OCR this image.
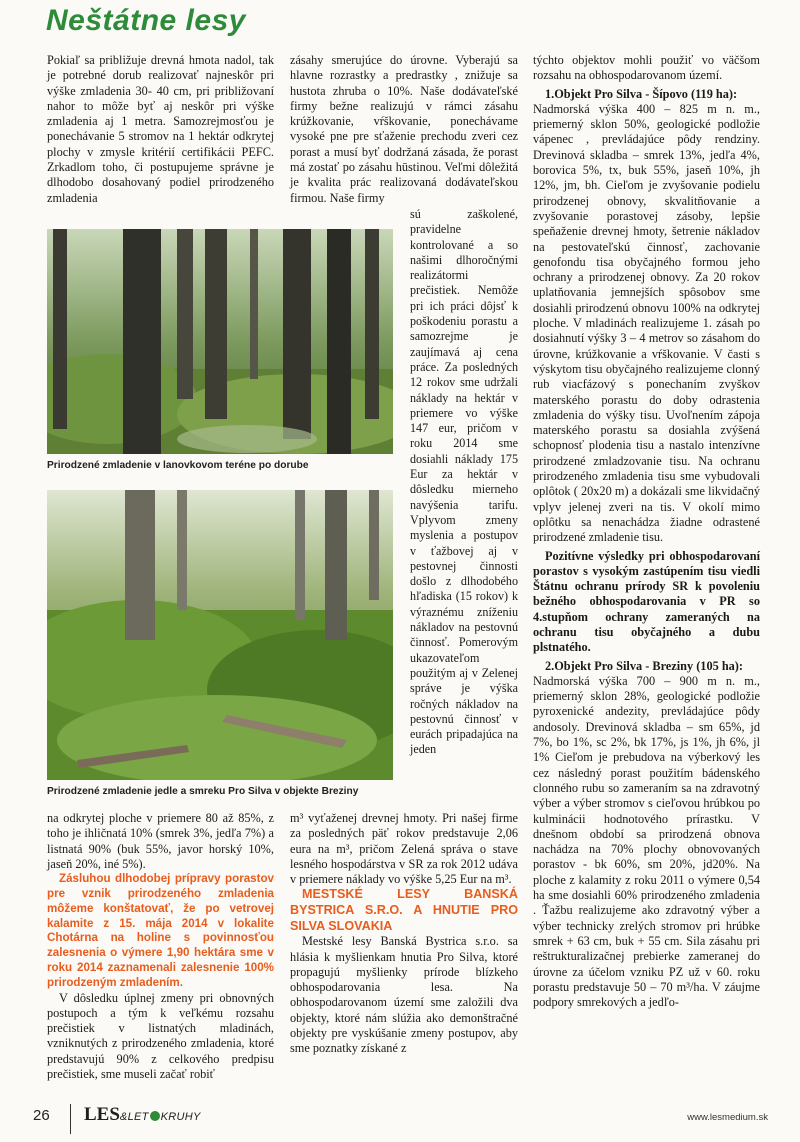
Neštátne lesy

Pokiaľ sa približuje drevná hmota nadol, tak je potrebné dorub realizovať najneskôr pri výške zmladenia 30- 40 cm, pri približovaní nahor to môže byť aj neskôr pri výške zmladenia aj 1 metra. Samozrejmosťou je ponechávanie 5 stromov na 1 hektár odkrytej plochy v zmysle kritérií certifikácii PEFC. Zrkadlom toho, či postupujeme správne je dlhodobo dosahovaný podiel prirodzeného zmladenia

Prirodzené zmladenie v lanovkovom teréne po dorube

Prirodzené zmladenie jedle a smreku Pro Silva v objekte Breziny

na odkrytej ploche v priemere 80 až 85%, z toho je ihličnatá 10% (smrek 3%, jedľa 7%) a listnatá 90% (buk 55%, javor horský 10%, jaseň 20%, iné 5%).

Zásluhou dlhodobej prípravy porastov pre vznik prirodzeného zmladenia môžeme konštatovať, že po vetrovej kalamite z 15. mája 2014 v lokalite Chotárna na holine s povinnosťou zalesnenia o výmere 1,90 hektára sme v roku 2014 zaznamenali zalesnenie 100% prirodzeným zmladením.

V dôsledku úplnej zmeny pri obnovných postupoch a tým k veľkému rozsahu prečistiek v listnatých mladinách, vzniknutých z prirodzeného zmladenia, ktoré predstavujú 90% z celkového predpisu prečistiek, sme museli začať robiť

zásahy smerujúce do úrovne. Vyberajú sa hlavne rozrastky a predrastky , znižuje sa hustota zhruba o 10%. Naše dodávateľské firmy bežne realizujú v rámci zásahu krúžkovanie, vŕškovanie, ponechávame vysoké pne pre sťaženie prechodu zveri cez porast a musí byť dodržaná zásada, že porast má zostať po zásahu hūstinou. Veľmi dôležitá je kvalita prác realizovaná dodávateľskou firmou. Naše firmy

sú zaškolené, pravidelne kontrolované a so našimi dlhoročnými realizátormi prečistiek. Nemôže pri ich práci dôjsť k poškodeniu porastu a samozrejme je zaujímavá aj cena práce. Za posledných 12 rokov sme udržali náklady na hektár v priemere vo výške 147 eur, pričom v roku 2014 sme dosiahli náklady 175 Eur za hektár v dôsledku mierneho navýšenia tarifu. Vplyvom zmeny myslenia a postupov v ťažbovej aj v pestovnej činnosti došlo z dlhodobého hľadiska (15 rokov) k výraznému zníženiu nákladov na pestovnú činnosť. Pomerovým ukazovateľom použitým aj v Zelenej správe je výška ročných nákladov na pestovnú činnosť v eurách pripadajúca na jeden

m³ vyťaženej drevnej hmoty. Pri našej firme za posledných päť rokov predstavuje 2,06 eura na m³, pričom Zelená správa o stave lesného hospodárstva v SR za rok 2012 udáva v priemere náklady vo výške 5,25 Eur na m³.

MESTSKÉ LESY BANSKÁ BYSTRICA S.R.O. A HNUTIE PRO SILVA SLOVAKIA

Mestské lesy Banská Bystrica s.r.o. sa hlásia k myšlienkam hnutia Pro Silva, ktoré propagujú myšlienky prírode blízkeho obhospodarovania lesa. Na obhospodarovanom území sme založili dva objekty, ktoré nám slúžia ako demonštračné objekty pre vyskúšanie zmeny postupov, aby sme poznatky získané z

týchto objektov mohli použiť vo väčšom rozsahu na obhospodarovanom území.

1.Objekt Pro Silva - Šípovo (119 ha):

Nadmorská výška 400 – 825 m n. m., priemerný sklon 50%, geologické podložie vápenec , prevládajúce pôdy rendziny. Drevinová skladba – smrek 13%, jedľa 4%, borovica 5%, tx, buk 55%, jaseň 10%, jh 12%, jm, bh. Cieľom je zvyšovanie podielu prirodzenej obnovy, skvalitňovanie a zvyšovanie porastovej zásoby, lepšie speňaženie drevnej hmoty, šetrenie nákladov na pestovateľskú činnosť, zachovanie genofondu tisa obyčajného formou jeho ochrany a prirodzenej obnovy. Za 20 rokov uplatňovania jemnejších spôsobov sme dosiahli prirodzenú obnovu 100% na odkrytej ploche. V mladinách realizujeme 1. zásah po dosiahnutí výšky 3 – 4 metrov so zásahom do úrovne, krúžkovanie a vŕškovanie. V časti s výskytom tisu obyčajného realizujeme clonný rub viacfázový s ponechaním zvyškov materského porastu do doby odrastenia zmladenia do výšky tisu. Uvoľnením zápoja materského porastu sa dosiahla zvýšená schopnosť plodenia tisu a nastalo intenzívne prirodzené zmladzovanie tisu. Na ochranu prirodzeného zmladenia tisu sme vybudovali oplôtok ( 20x20 m) a dokázali sme likvidačný vplyv jelenej zveri na tis. V okolí mimo oplôtku sa nenachádza žiadne odrastené prirodzené zmladenie tisu.

Pozitívne výsledky pri obhospodarovaní porastov s vysokým zastúpením tisu viedli Štátnu ochranu prírody SR k povoleniu bežného obhospodarovania v PR so 4.stupňom ochrany zameraných na ochranu tisu obyčajného a dubu plstnatého.

2.Objekt Pro Silva - Breziny (105 ha):

Nadmorská výška 700 – 900 m n. m., priemerný sklon 28%, geologické podložie pyroxenické andezity, prevládajúce pôdy andosoly. Drevinová skladba – sm 65%, jd 7%, bo 1%, sc 2%, bk 17%, js 1%, jh 6%, jl 1% Cieľom je prebudova na výberkový les cez následný porast použitím bádenského clonného rubu so zameraním sa na zdravotný výber a výber stromov s cieľovou hrúbkou po kulminácii hodnotového prírastku. V dnešnom období sa prirodzená obnova nachádza na 70% plochy obnovovaných porastov - bk 60%, sm 20%, jd20%. Na ploche z kalamity z roku 2011 o výmere 0,54 ha sme dosiahli 60% prirodzeného zmladenia . Ťažbu realizujeme ako zdravotný výber a výber technicky zrelých stromov pri hrúbke smrek + 63 cm, buk + 55 cm. Sila zásahu pri reštrukturalizačnej prebierke zameranej do úrovne za účelom vzniku PZ už v 60. roku porastu predstavuje 50 – 70 m³/ha. V záujme podpory smrekových a jedľo-

26 LES&LET KRUHY	www.lesmedium.sk
